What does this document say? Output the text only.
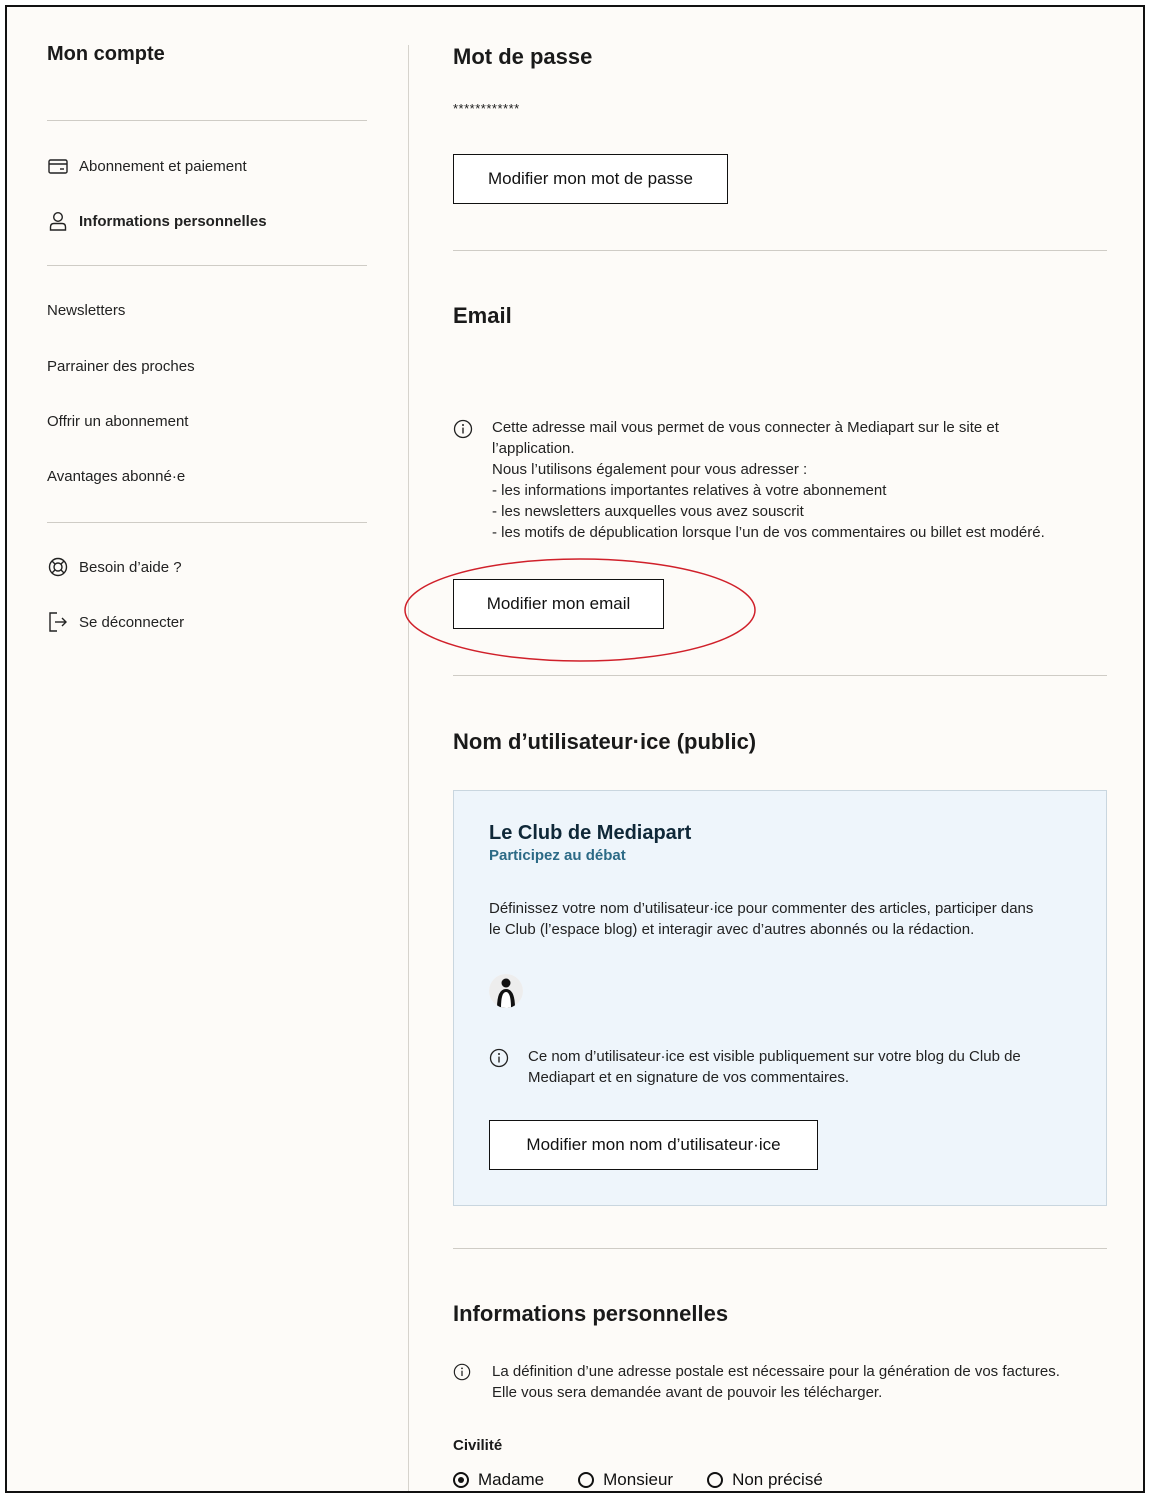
Mon compte
Abonnement et paiement
Informations personnelles
Newsletters
Parrainer des proches
Offrir un abonnement
Avantages abonné·e
Besoin d’aide ?
Se déconnecter
Mot de passe
************
Modifier mon mot de passe
Email
Cette adresse mail vous permet de vous connecter à Mediapart sur le site et
l’application.
Nous l’utilisons également pour vous adresser :
- les informations importantes relatives à votre abonnement
- les newsletters auxquelles vous avez souscrit
- les motifs de dépublication lorsque l’un de vos commentaires ou billet est modéré.
Modifier mon email
Nom d’utilisateur·ice (public)
Le Club de Mediapart
Participez au débat
Définissez votre nom d’utilisateur·ice pour commenter des articles, participer dans
le Club (l’espace blog) et interagir avec d’autres abonnés ou la rédaction.
Ce nom d’utilisateur·ice est visible publiquement sur votre blog du Club de
Mediapart et en signature de vos commentaires.
Modifier mon nom d’utilisateur·ice
Informations personnelles
La définition d’une adresse postale est nécessaire pour la génération de vos factures.
Elle vous sera demandée avant de pouvoir les télécharger.
Civilité
Madame	Monsieur	Non précisé
